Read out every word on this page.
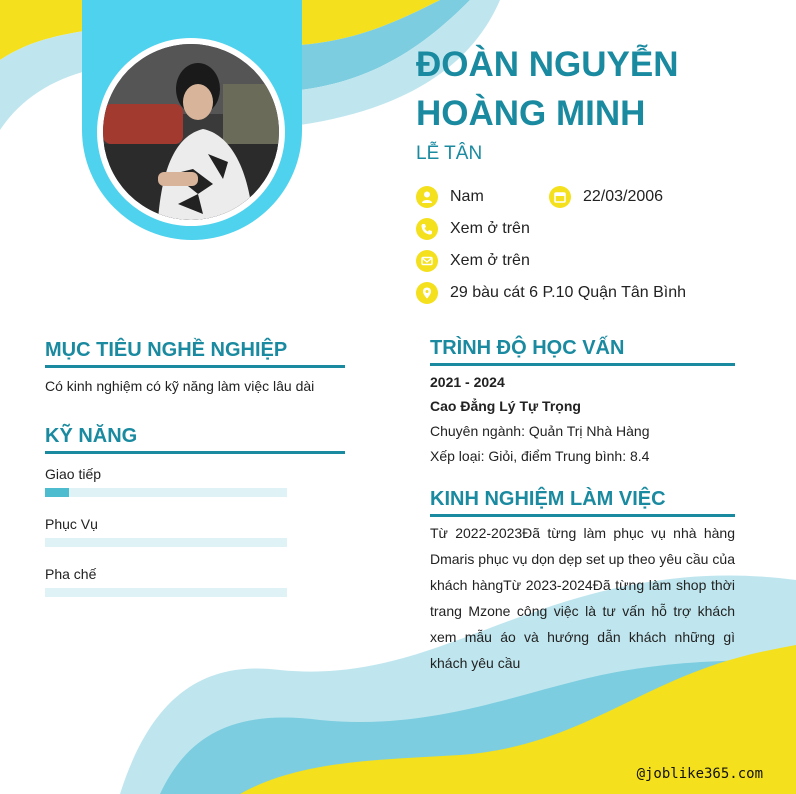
ĐOÀN NGUYỄN
HOÀNG MINH
LỄ TÂN
Nam	22/03/2006
Xem ở trên
Xem ở trên
29 bàu cát 6 P.10 Quận Tân Bình
MỤC TIÊU NGHỀ NGHIỆP
Có kinh nghiệm có kỹ năng làm việc lâu dài
KỸ NĂNG
Giao tiếp
Phục Vụ
Pha chế
TRÌNH ĐỘ HỌC VẤN
2021 - 2024
Cao Đẳng Lý Tự Trọng
Chuyên ngành: Quản Trị Nhà Hàng
Xếp loại: Giỏi, điểm Trung bình: 8.4
KINH NGHIỆM LÀM VIỆC
Từ 2022-2023Đã từng làm phục vụ nhà hàng Dmaris phục vụ dọn dẹp set up theo yêu cầu của khách hàngTừ 2023-2024Đã từng làm shop thời trang Mzone công việc là tư vấn hỗ trợ khách xem mẫu áo và hướng dẫn khách những gì khách yêu cầu
@joblike365.com
